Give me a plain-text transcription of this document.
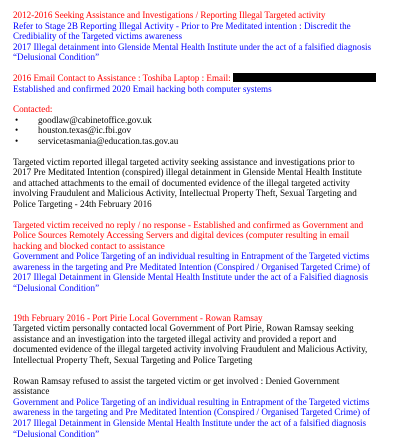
2012-2016 Seeking Assistance and Investigations / Reporting Illegal Targeted activity

Refer to Stage 2B Reporting Illegal Activity - Prior to Pre Meditated intention : Discredit the

Credibiality of the Targeted victims awareness

2017 Illegal detainment into Glenside Mental Health Institute under the act of a falsified diagnosis

“Delusional Condition”

2016 Email Contact to Assistance : Toshiba Laptop : Email:

Established and confirmed 2020 Email hacking both computer systems

Contacted:

• goodlaw@cabinetoffice.gov.uk
• houston.texas@ic.fbi.gov
• servicetasmania@education.tas.gov.au

Targeted victim reported illegal targeted activity seeking assistance and investigations prior to

2017 Pre Meditated Intention (conspired) illegal detainment in Glenside Mental Health Institute

and attached attachments to the email of documented evidence of the illegal targeted activity

involving Fraudulent and Malicious Activity, Intellectual Property Theft, Sexual Targeting and

Police Targeting - 24th February 2016

Targeted victim received no reply / no response - Established and confirmed as Government and

Police Sources Remotely Accessing Servers and digital devices (computer resulting in email

hacking and blocked contact to assistance

Government and Police Targeting of an individual resulting in Entrapment of the Targeted victims

awareness in the targeting and Pre Meditated Intention (Conspired / Organised Targeted Crime) of

2017 Illegal Detainment in Glenside Mental Health Institute under the act of a Falsified diagnosis

“Delusional Condition”

19th February 2016 - Port Pirie Local Government - Rowan Ramsay

Targeted victim personally contacted local Government of Port Pirie, Rowan Ramsay seeking

assistance and an investigation into the targeted illegal activity and provided a report and

documented evidence of the illegal targeted activity involving Fraudulent and Malicious Activity,

Intellectual Property Theft, Sexual Targeting and Police Targeting

Rowan Ramsay refused to assist the targeted victim or get involved : Denied Government

assistance

Government and Police Targeting of an individual resulting in Entrapment of the Targeted victims

awareness in the targeting and Pre Meditated Intention (Conspired / Organised Targeted Crime) of

2017 Illegal Detainment in Glenside Mental Health Institute under the act of a falsified diagnosis

“Delusional Condition”
